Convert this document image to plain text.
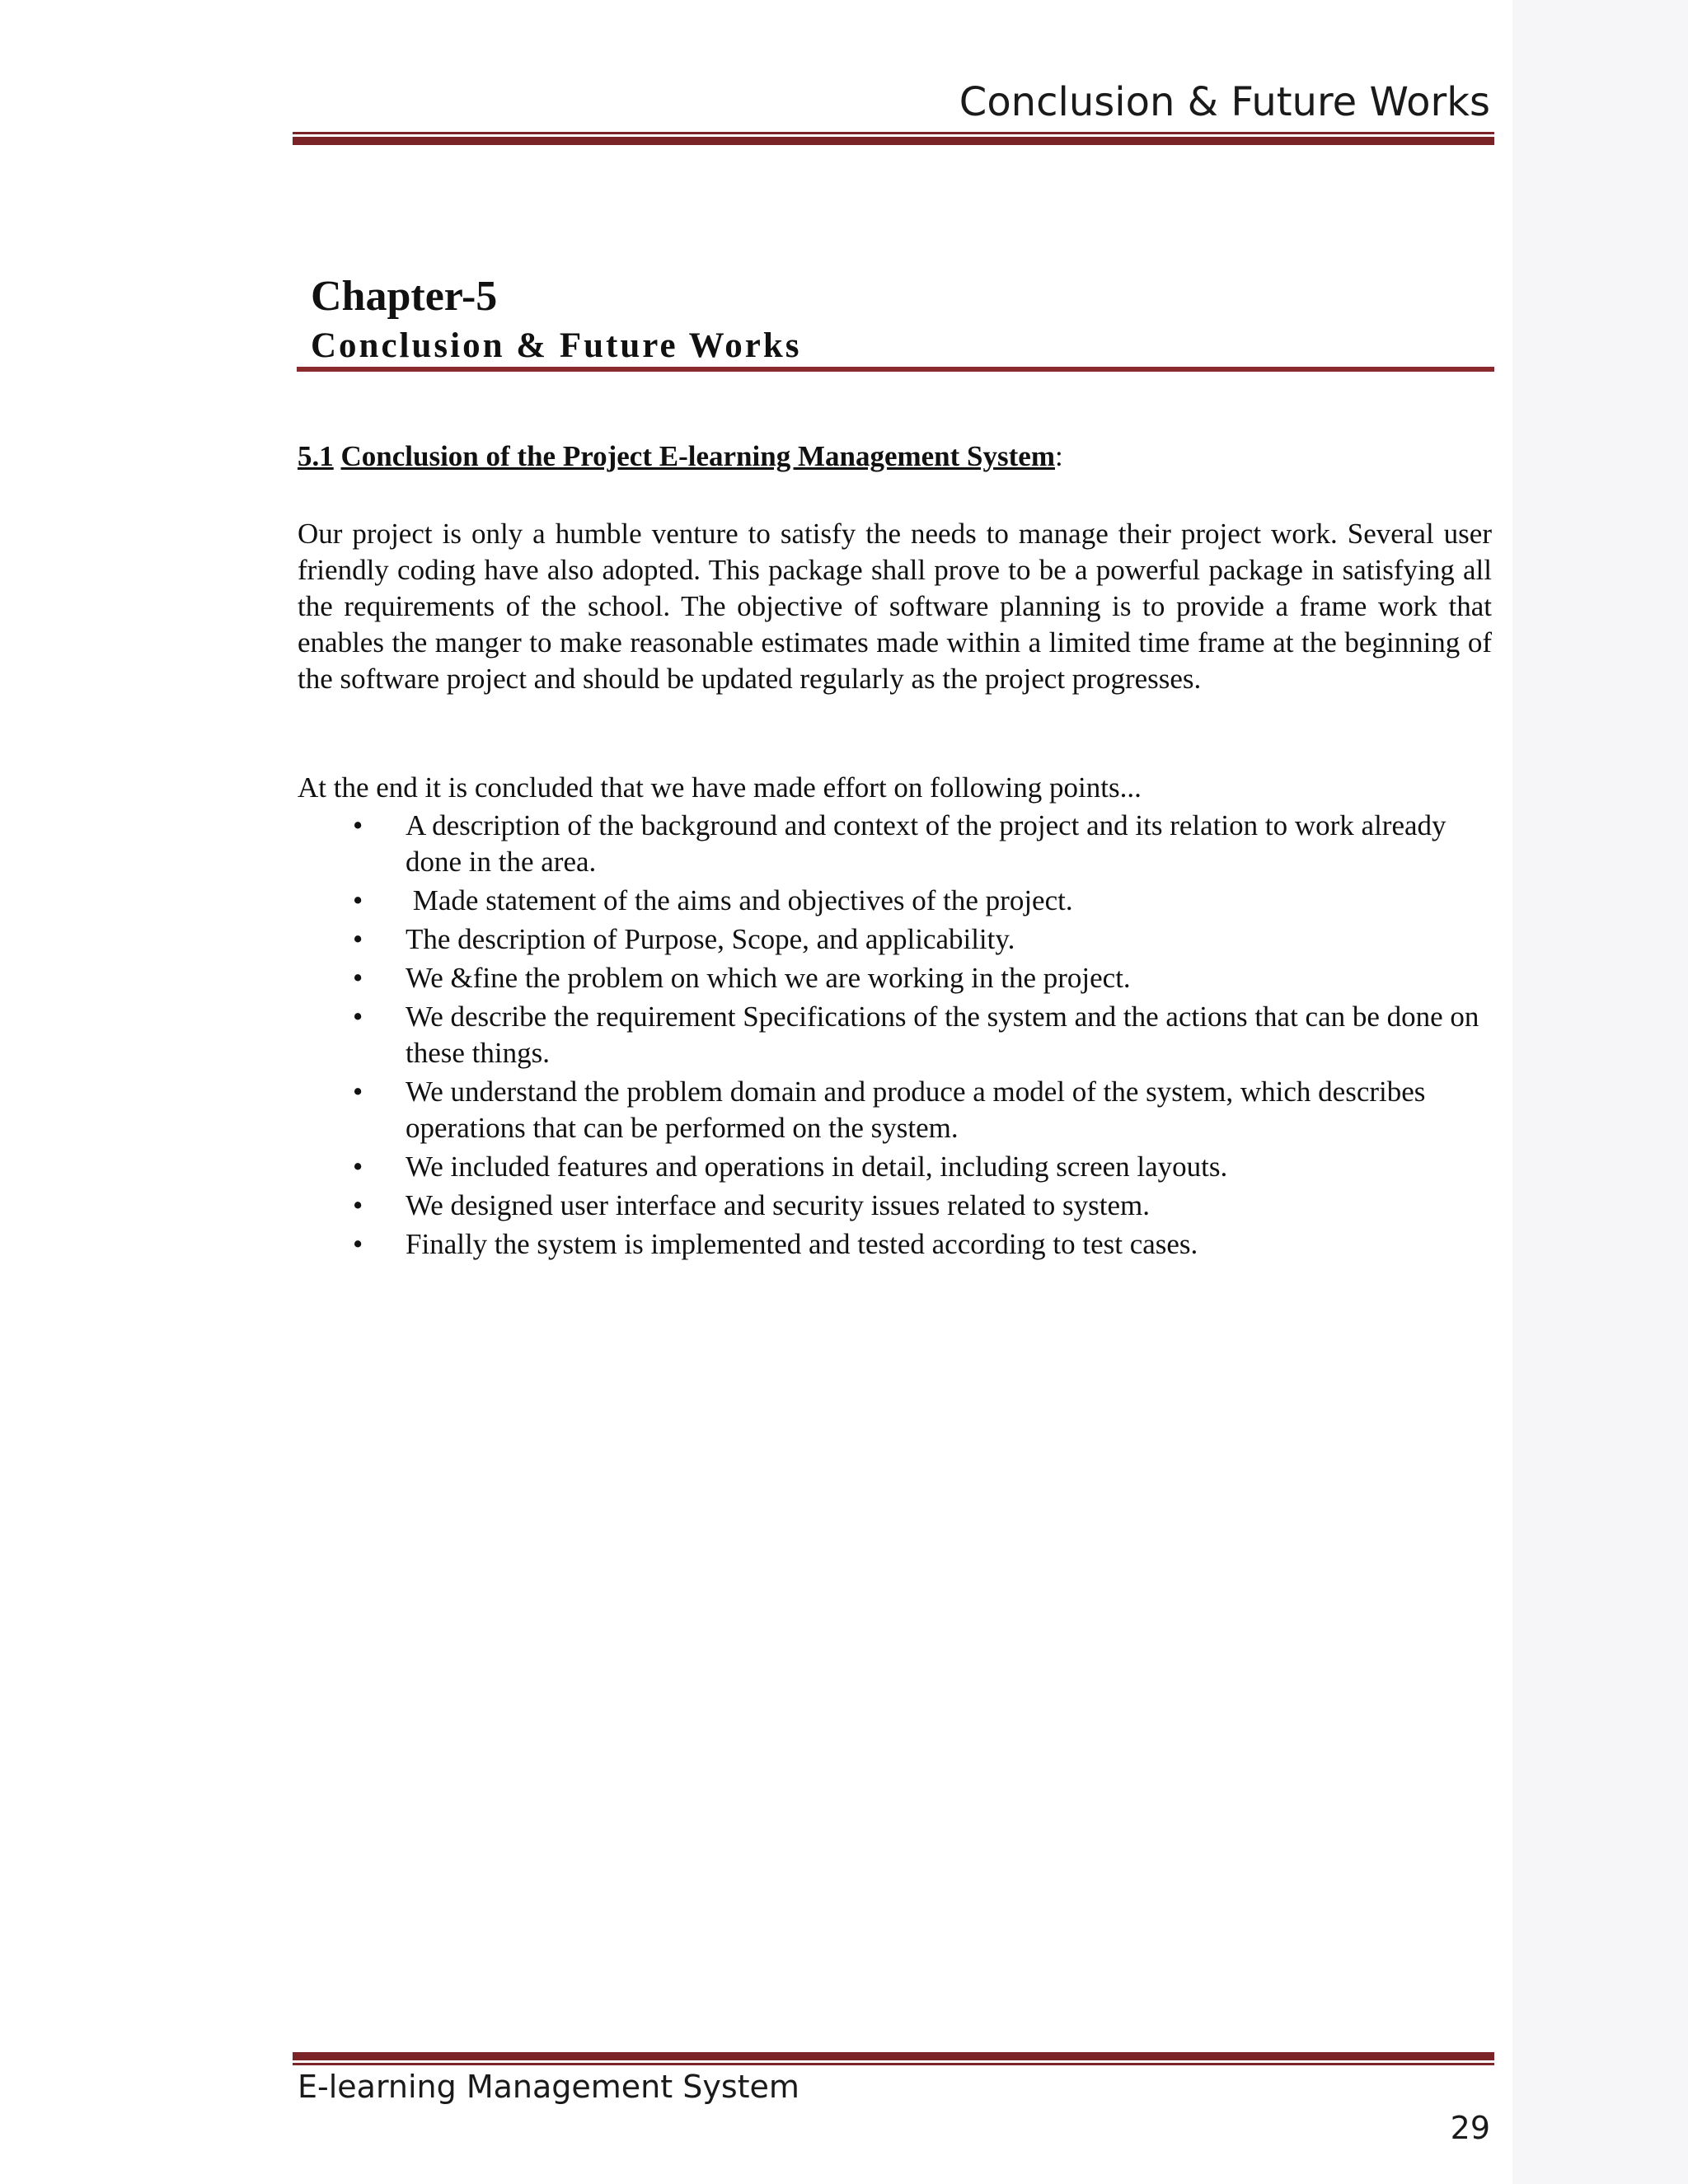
Conclusion & Future Works
Chapter-5
Conclusion & Future Works
5.1 Conclusion of the Project E-learning Management System:
Our project is only a humble venture to satisfy the needs to manage their project work. Several user friendly coding have also adopted. This package shall prove to be a powerful package in satisfying all the requirements of the school. The objective of software planning is to provide a frame work that enables the manger to make reasonable estimates made within a limited time frame at the beginning of the software project and should be updated regularly as the project progresses.
At the end it is concluded that we have made effort on following points...
• A description of the background and context of the project and its relation to work already done in the area.
• Made statement of the aims and objectives of the project.
• The description of Purpose, Scope, and applicability.
• We &fine the problem on which we are working in the project.
• We describe the requirement Specifications of the system and the actions that can be done on these things.
• We understand the problem domain and produce a model of the system, which describes operations that can be performed on the system.
• We included features and operations in detail, including screen layouts.
• We designed user interface and security issues related to system.
• Finally the system is implemented and tested according to test cases.
E-learning Management System
29
